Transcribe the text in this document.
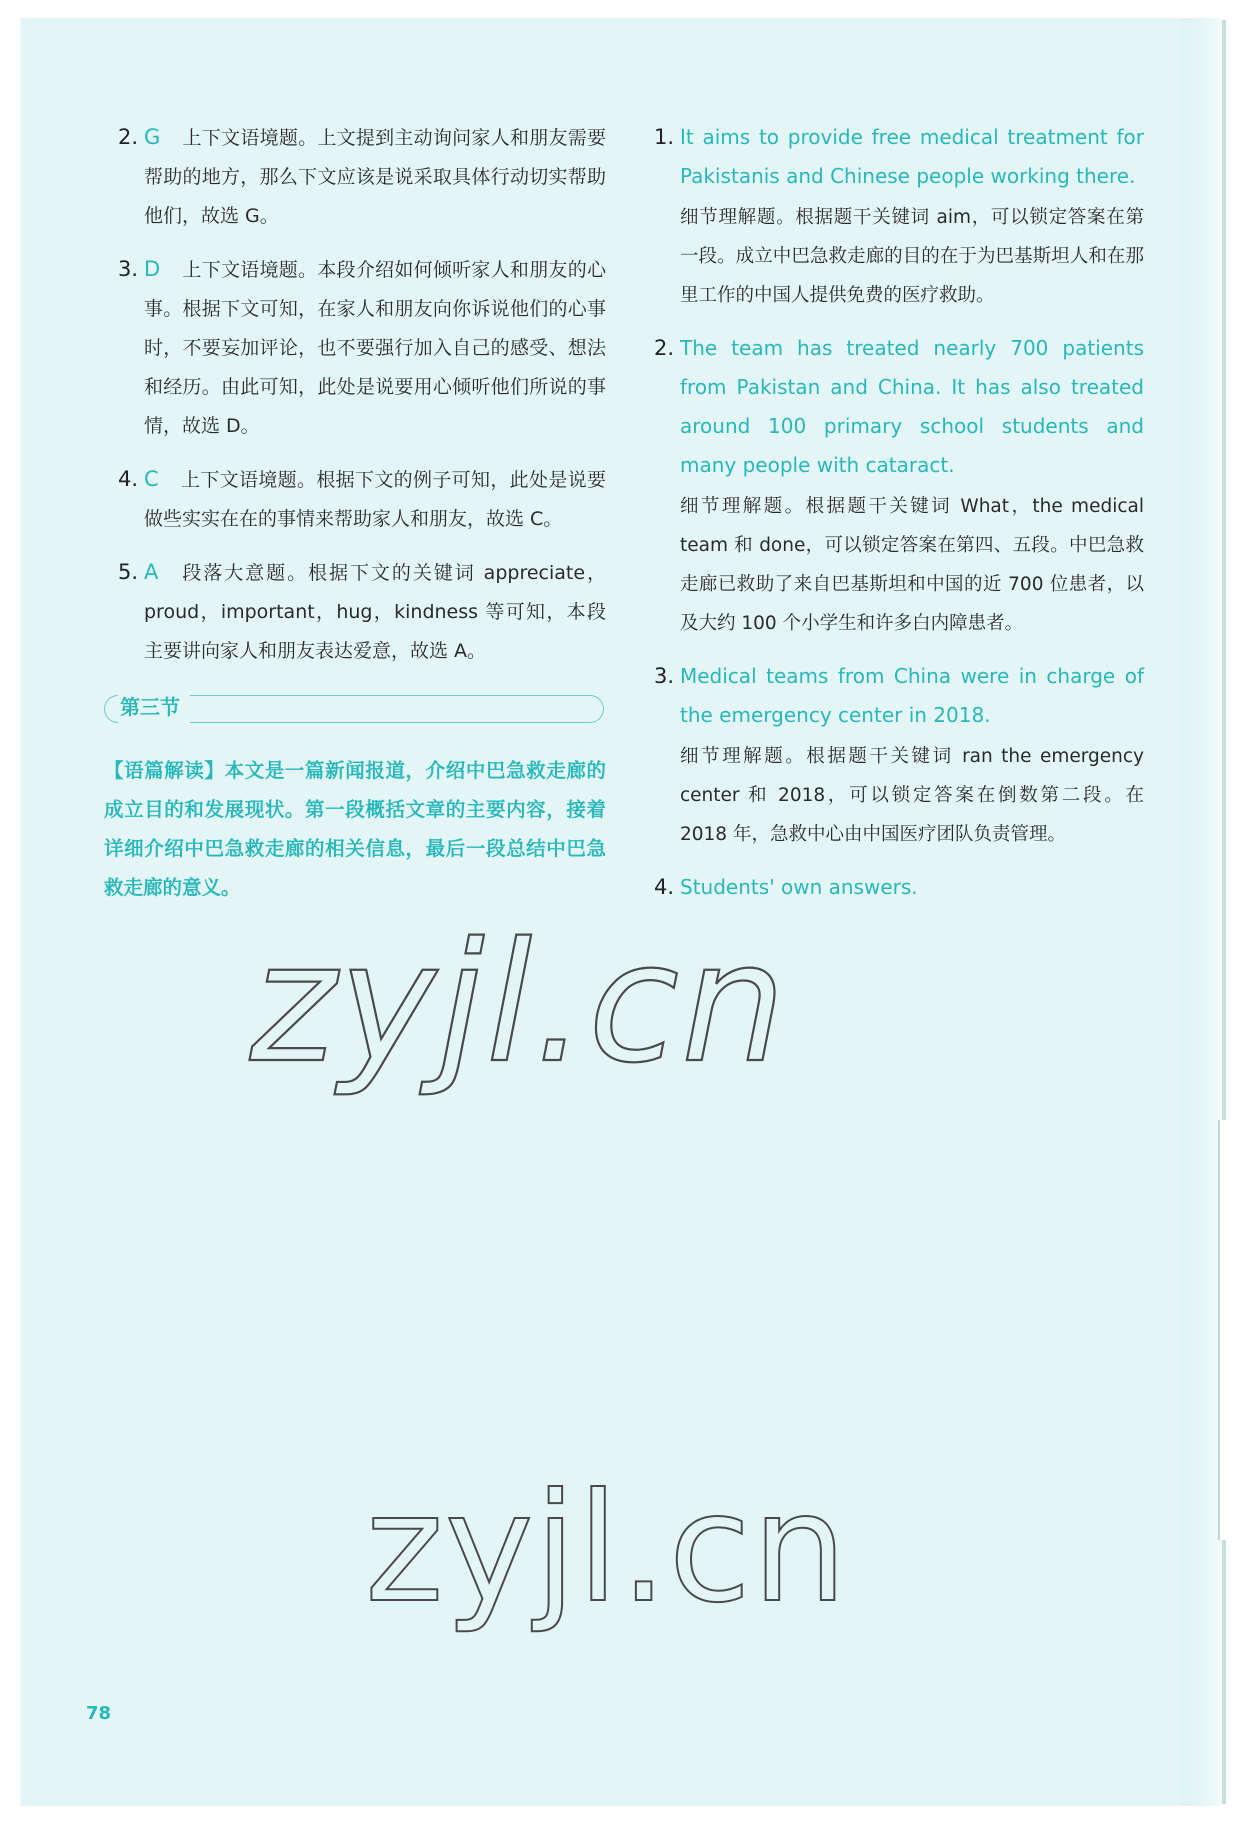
2. G 上下文语境题。上文提到主动询问家人和朋友需要帮助的地方，那么下文应该是说采取具体行动切实帮助他们，故选 G。
3. D 上下文语境题。本段介绍如何倾听家人和朋友的心事。根据下文可知，在家人和朋友向你诉说他们的心事时，不要妄加评论，也不要强行加入自己的感受、想法和经历。由此可知，此处是说要用心倾听他们所说的事情，故选 D。
4. C 上下文语境题。根据下文的例子可知，此处是说要做些实实在在的事情来帮助家人和朋友，故选 C。
5. A 段落大意题。根据下文的关键词 appreciate，proud，important，hug，kindness 等可知，本段主要讲向家人和朋友表达爱意，故选 A。
第三节
【语篇解读】本文是一篇新闻报道，介绍中巴急救走廊的成立目的和发展现状。第一段概括文章的主要内容，接着详细介绍中巴急救走廊的相关信息，最后一段总结中巴急救走廊的意义。
1. It aims to provide free medical treatment for Pakistanis and Chinese people working there.
细节理解题。根据题干关键词 aim，可以锁定答案在第一段。成立中巴急救走廊的目的在于为巴基斯坦人和在那里工作的中国人提供免费的医疗救助。
2. The team has treated nearly 700 patients from Pakistan and China. It has also treated around 100 primary school students and many people with cataract.
细节理解题。根据题干关键词 What，the medical team 和 done，可以锁定答案在第四、五段。中巴急救走廊已救助了来自巴基斯坦和中国的近 700 位患者，以及大约 100 个小学生和许多白内障患者。
3. Medical teams from China were in charge of the emergency center in 2018.
细节理解题。根据题干关键词 ran the emergency center 和 2018，可以锁定答案在倒数第二段。在 2018 年，急救中心由中国医疗团队负责管理。
4. Students' own answers.
zyjl.cn
zyjl.cn
78
